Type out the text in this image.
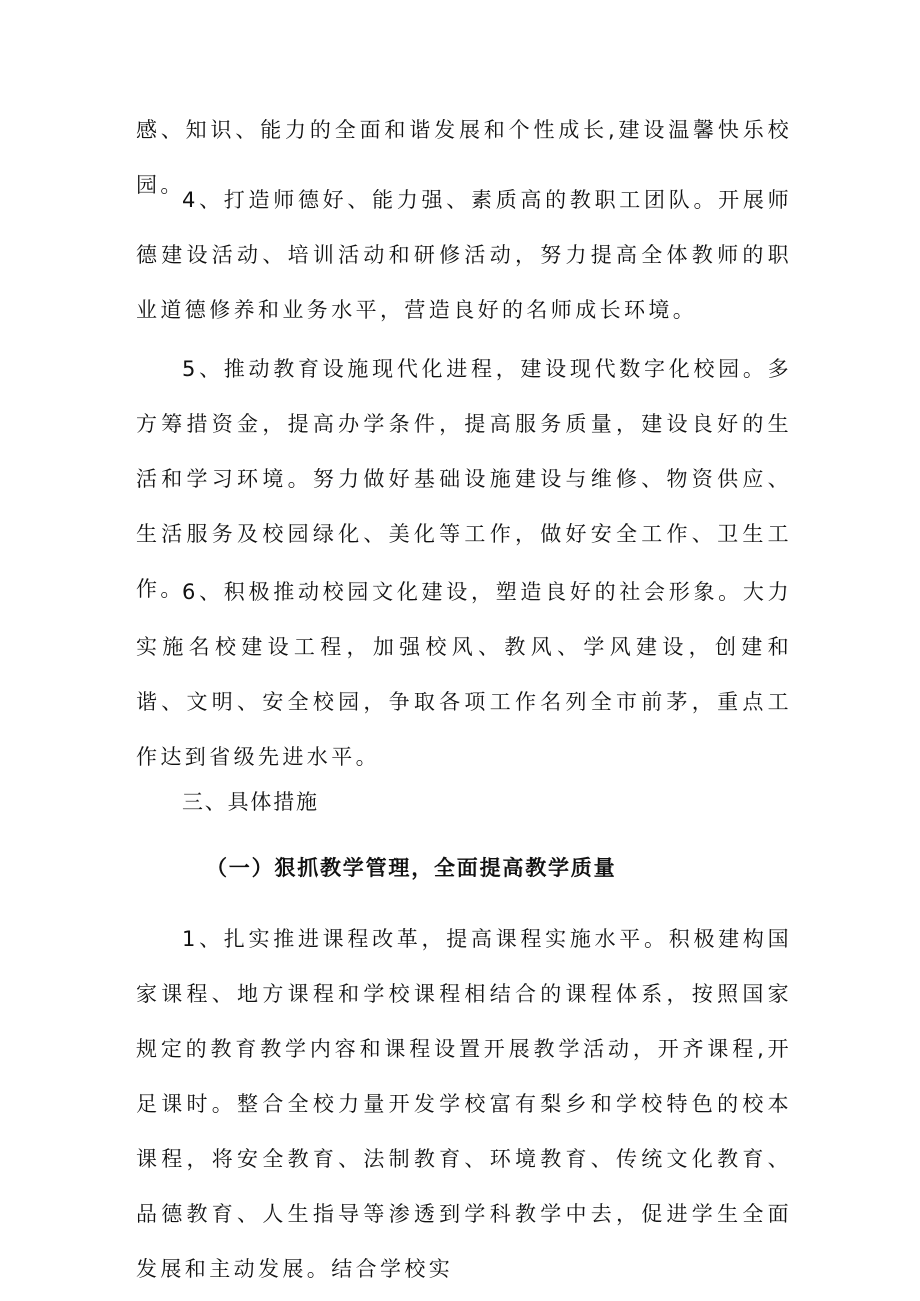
感、知识、能力的全面和谐发展和个性成长,建设温馨快乐校园。

4、打造师德好、能力强、素质高的教职工团队。开展师德建设活动、培训活动和研修活动，努力提高全体教师的职业道德修养和业务水平，营造良好的名师成长环境。

5、推动教育设施现代化进程，建设现代数字化校园。多方筹措资金，提高办学条件，提高服务质量，建设良好的生活和学习环境。努力做好基础设施建设与维修、物资供应、生活服务及校园绿化、美化等工作，做好安全工作、卫生工作。

6、积极推动校园文化建设，塑造良好的社会形象。大力实施名校建设工程，加强校风、教风、学风建设，创建和谐、文明、安全校园，争取各项工作名列全市前茅，重点工作达到省级先进水平。

三、具体措施
（一）狠抓教学管理，全面提高教学质量

1、扎实推进课程改革，提高课程实施水平。积极建构国家课程、地方课程和学校课程相结合的课程体系，按照国家规定的教育教学内容和课程设置开展教学活动，开齐课程,开足课时。整合全校力量开发学校富有梨乡和学校特色的校本课程，将安全教育、法制教育、环境教育、传统文化教育、品德教育、人生指导等渗透到学科教学中去，促进学生全面发展和主动发展。结合学校实
